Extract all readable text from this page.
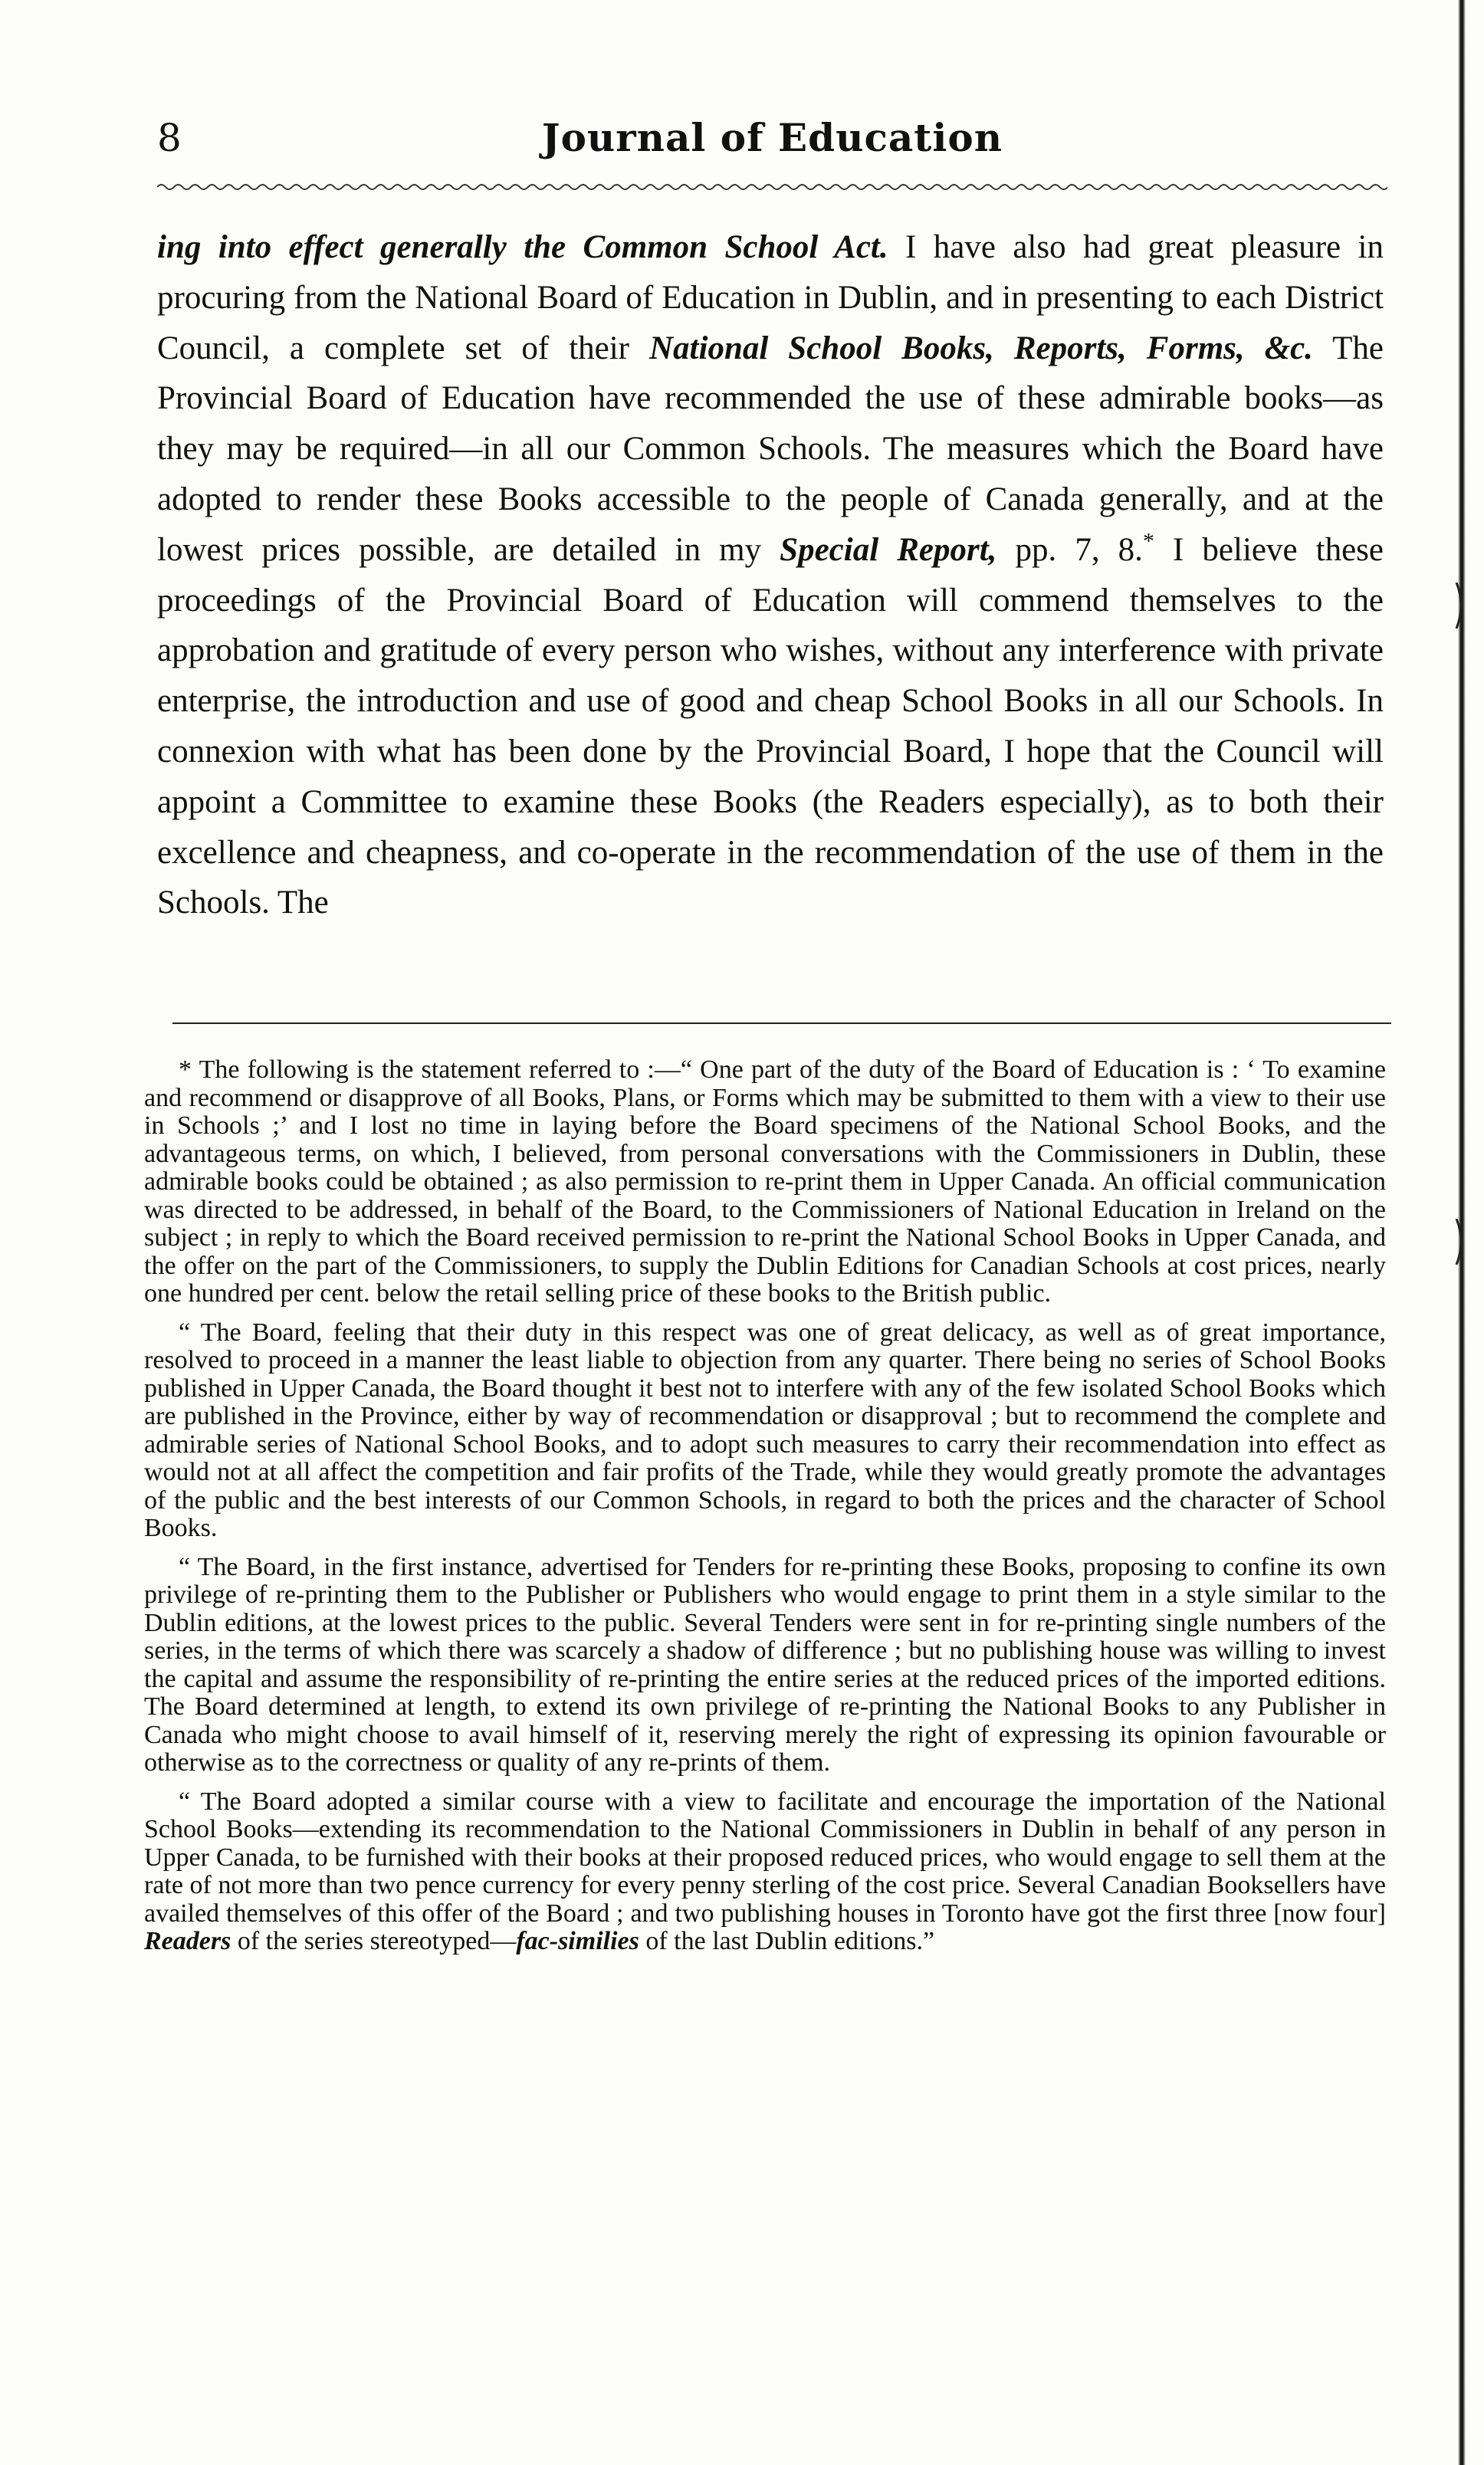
8	Journal of Education

ing into effect generally the Common School Act. I have also had great pleasure in procuring from the National Board of Education in Dublin, and in presenting to each District Council, a complete set of their National School Books, Reports, Forms, &c. The Provincial Board of Education have recommended the use of these admirable books—as they may be required—in all our Common Schools. The measures which the Board have adopted to render these Books accessible to the people of Canada generally, and at the lowest prices possible, are detailed in my Special Report, pp. 7, 8.* I believe these proceedings of the Provincial Board of Education will commend themselves to the approbation and gratitude of every person who wishes, without any interference with private enterprise, the introduction and use of good and cheap School Books in all our Schools. In connexion with what has been done by the Provincial Board, I hope that the Council will appoint a Committee to examine these Books (the Readers especially), as to both their excellence and cheapness, and co-operate in the recommendation of the use of them in the Schools. The

* The following is the statement referred to :—“ One part of the duty of the Board of Education is : ‘ To examine and recommend or disapprove of all Books, Plans, or Forms which may be submitted to them with a view to their use in Schools ;’ and I lost no time in laying before the Board specimens of the National School Books, and the advantageous terms, on which, I believed, from personal conversations with the Commissioners in Dublin, these admirable books could be obtained ; as also permission to re-print them in Upper Canada. An official communication was directed to be addressed, in behalf of the Board, to the Commissioners of National Education in Ireland on the subject ; in reply to which the Board received permission to re-print the National School Books in Upper Canada, and the offer on the part of the Commissioners, to supply the Dublin Editions for Canadian Schools at cost prices, nearly one hundred per cent. below the retail selling price of these books to the British public.

“ The Board, feeling that their duty in this respect was one of great delicacy, as well as of great importance, resolved to proceed in a manner the least liable to objection from any quarter. There being no series of School Books published in Upper Canada, the Board thought it best not to interfere with any of the few isolated School Books which are published in the Province, either by way of recommendation or disapproval ; but to recommend the complete and admirable series of National School Books, and to adopt such measures to carry their recommendation into effect as would not at all affect the competition and fair profits of the Trade, while they would greatly promote the advantages of the public and the best interests of our Common Schools, in regard to both the prices and the character of School Books.

“ The Board, in the first instance, advertised for Tenders for re-printing these Books, proposing to confine its own privilege of re-printing them to the Publisher or Publishers who would engage to print them in a style similar to the Dublin editions, at the lowest prices to the public. Several Tenders were sent in for re-printing single numbers of the series, in the terms of which there was scarcely a shadow of difference ; but no publishing house was willing to invest the capital and assume the responsibility of re-printing the entire series at the reduced prices of the imported editions. The Board determined at length, to extend its own privilege of re-printing the National Books to any Publisher in Canada who might choose to avail himself of it, reserving merely the right of expressing its opinion favourable or otherwise as to the correctness or quality of any re-prints of them.

“ The Board adopted a similar course with a view to facilitate and encourage the importation of the National School Books—extending its recommendation to the National Commissioners in Dublin in behalf of any person in Upper Canada, to be furnished with their books at their proposed reduced prices, who would engage to sell them at the rate of not more than two pence currency for every penny sterling of the cost price. Several Canadian Booksellers have availed themselves of this offer of the Board ; and two publishing houses in Toronto have got the first three [now four] Readers of the series stereotyped—fac-similies of the last Dublin editions.”
